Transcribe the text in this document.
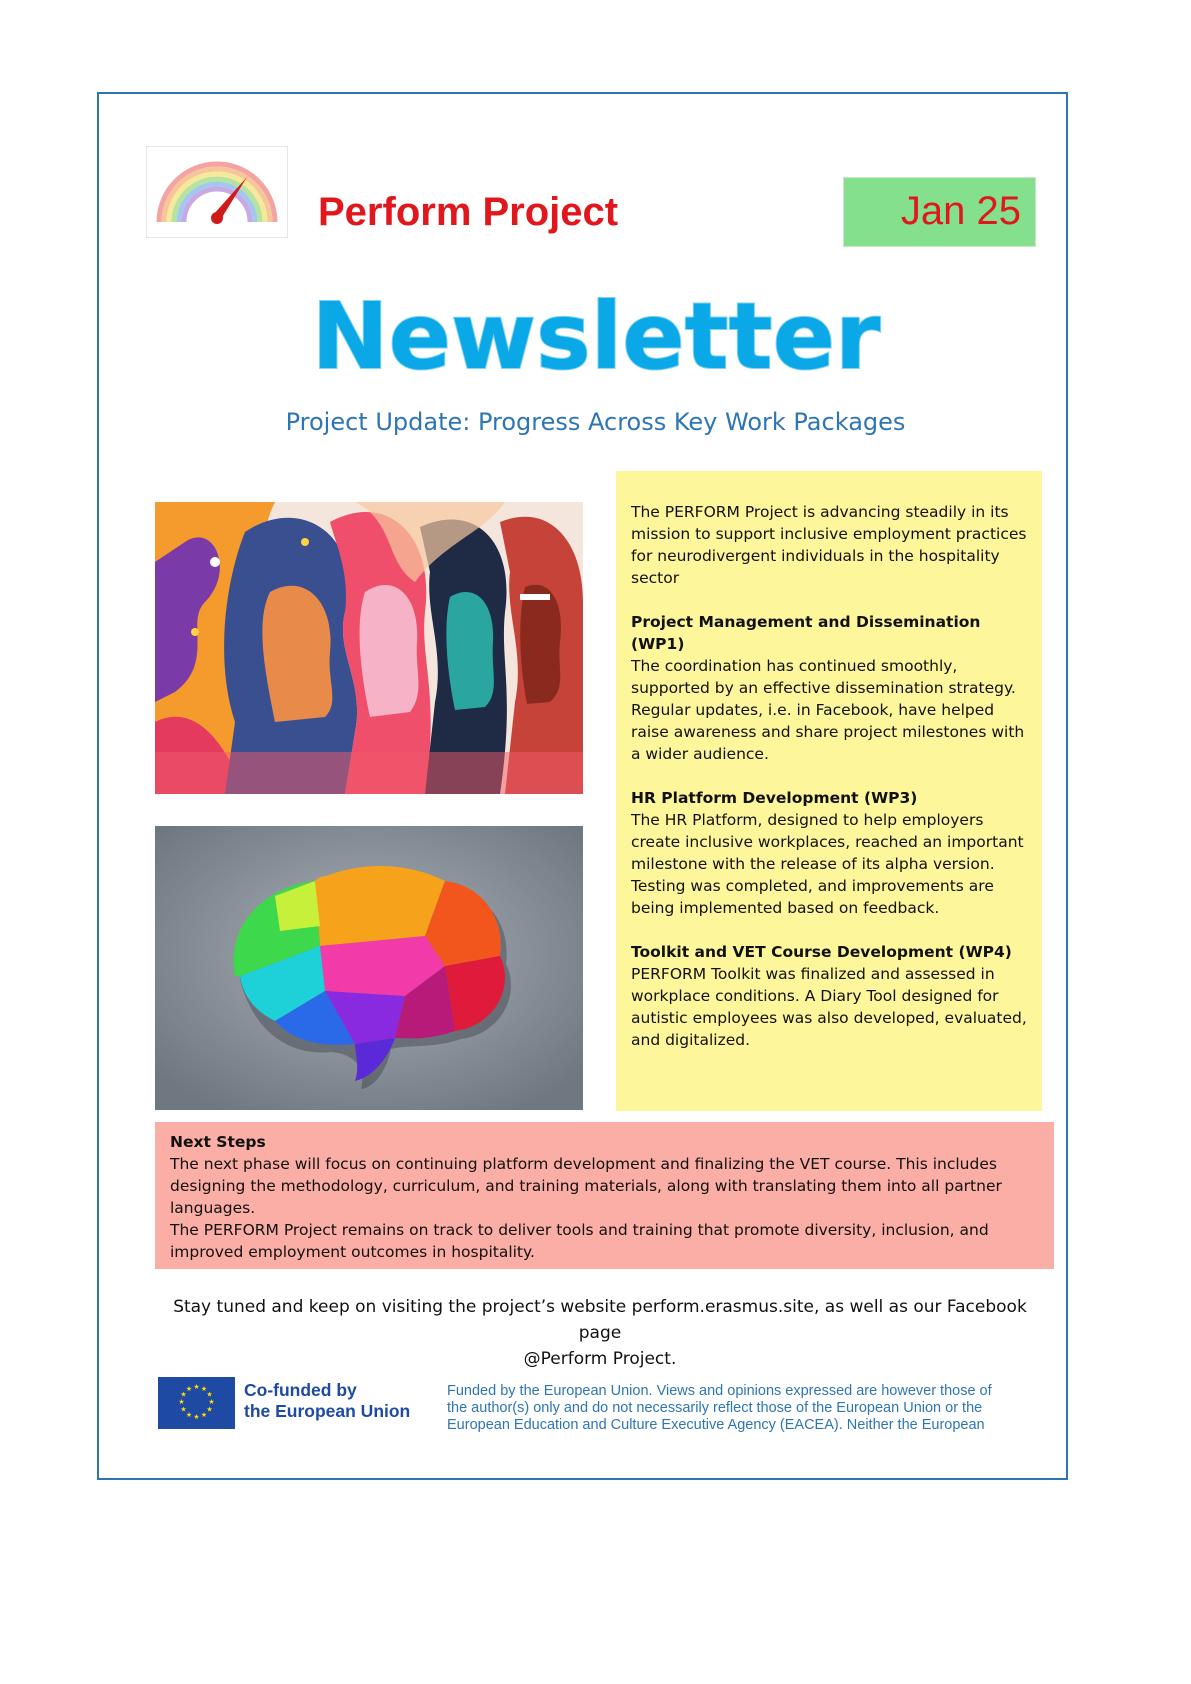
Perform Project	Jan 25
Newsletter
Project Update: Progress Across Key Work Packages

The PERFORM Project is advancing steadily in its mission to support inclusive employment practices for neurodivergent individuals in the hospitality sector

Project Management and Dissemination (WP1)
The coordination has continued smoothly, supported by an effective dissemination strategy. Regular updates, i.e. in Facebook, have helped raise awareness and share project milestones with a wider audience.

HR Platform Development (WP3)
The HR Platform, designed to help employers create inclusive workplaces, reached an important milestone with the release of its alpha version. Testing was completed, and improvements are being implemented based on feedback.

Toolkit and VET Course Development (WP4)
PERFORM Toolkit was finalized and assessed in workplace conditions. A Diary Tool designed for autistic employees was also developed, evaluated, and digitalized.

Next Steps
The next phase will focus on continuing platform development and finalizing the VET course. This includes designing the methodology, curriculum, and training materials, along with translating them into all partner languages.
The PERFORM Project remains on track to deliver tools and training that promote diversity, inclusion, and improved employment outcomes in hospitality.
Stay tuned and keep on visiting the project’s website perform.erasmus.site, as well as our Facebook page
@Perform Project.
★ ★
★
★
★
★
★
★
★
★
★
★	Co-funded by
the European Union
Funded by the European Union. Views and opinions expressed are however those of
the author(s) only and do not necessarily reflect those of the European Union or the
European Education and Culture Executive Agency (EACEA). Neither the European
